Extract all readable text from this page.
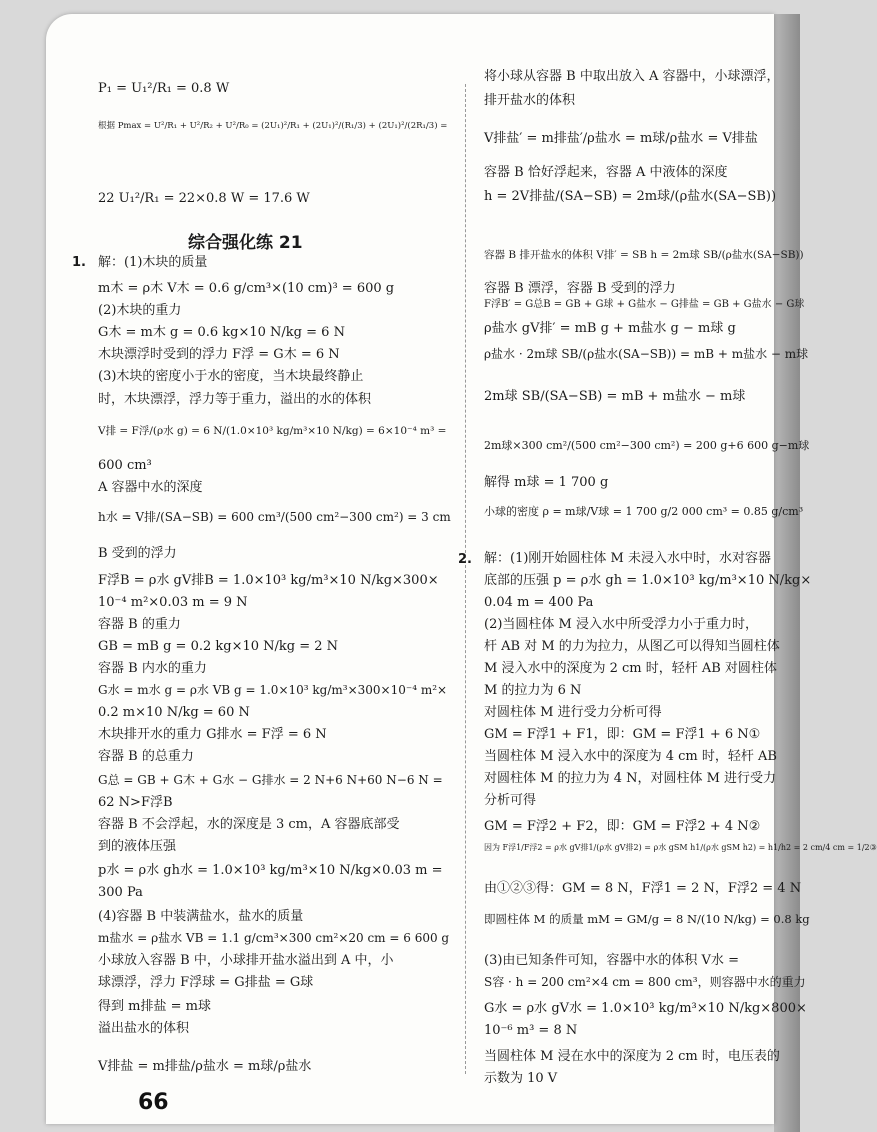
综合强化练 21
P₁ = U₁²/R₁ = 0.8 W
根据 Pmax = U²/R₁ + U²/R₂ + U²/R₀ = (2U₁)²/R₁ + (2U₁)²/(R₁/3) + (2U₁)²/(2R₁/3) =
22 U₁²/R₁ = 22×0.8 W = 17.6 W
解：(1)木块的质量
m木 = ρ木 V木 = 0.6 g/cm³×(10 cm)³ = 600 g
(2)木块的重力
G木 = m木 g = 0.6 kg×10 N/kg = 6 N
木块漂浮时受到的浮力 F浮 = G木 = 6 N
(3)木块的密度小于水的密度，当木块最终静止
时，木块漂浮，浮力等于重力，溢出的水的体积
V排 = F浮/(ρ水 g) = 6 N/(1.0×10³ kg/m³×10 N/kg) = 6×10⁻⁴ m³ =
600 cm³
A 容器中水的深度
h水 = V排/(SA−SB) = 600 cm³/(500 cm²−300 cm²) = 3 cm
B 受到的浮力
F浮B = ρ水 gV排B = 1.0×10³ kg/m³×10 N/kg×300×
10⁻⁴ m²×0.03 m = 9 N
容器 B 的重力
GB = mB g = 0.2 kg×10 N/kg = 2 N
容器 B 内水的重力
G水 = m水 g = ρ水 VB g = 1.0×10³ kg/m³×300×10⁻⁴ m²×
0.2 m×10 N/kg = 60 N
木块排开水的重力 G排水 = F浮 = 6 N
容器 B 的总重力
G总 = GB + G木 + G水 − G排水 = 2 N+6 N+60 N−6 N =
62 N>F浮B
容器 B 不会浮起，水的深度是 3 cm，A 容器底部受
到的液体压强
p水 = ρ水 gh水 = 1.0×10³ kg/m³×10 N/kg×0.03 m =
300 Pa
(4)容器 B 中装满盐水，盐水的质量
m盐水 = ρ盐水 VB = 1.1 g/cm³×300 cm²×20 cm = 6 600 g
小球放入容器 B 中，小球排开盐水溢出到 A 中，小
球漂浮，浮力 F浮球 = G排盐 = G球
得到 m排盐 = m球
溢出盐水的体积
V排盐 = m排盐/ρ盐水 = m球/ρ盐水
将小球从容器 B 中取出放入 A 容器中，小球漂浮，
排开盐水的体积
V排盐′ = m排盐′/ρ盐水 = m球/ρ盐水 = V排盐
容器 B 恰好浮起来，容器 A 中液体的深度
h = 2V排盐/(SA−SB) = 2m球/(ρ盐水(SA−SB))
容器 B 排开盐水的体积 V排′ = SB h = 2m球 SB/(ρ盐水(SA−SB))
容器 B 漂浮，容器 B 受到的浮力
F浮B′ = G总B = GB + G球 + G盐水 − G排盐 = GB + G盐水 − G球
ρ盐水 gV排′ = mB g + m盐水 g − m球 g
ρ盐水 · 2m球 SB/(ρ盐水(SA−SB)) = mB + m盐水 − m球
2m球 SB/(SA−SB) = mB + m盐水 − m球
2m球×300 cm²/(500 cm²−300 cm²) = 200 g+6 600 g−m球
解得 m球 = 1 700 g
小球的密度 ρ = m球/V球 = 1 700 g/2 000 cm³ = 0.85 g/cm³
解：(1)刚开始圆柱体 M 未浸入水中时，水对容器
底部的压强 p = ρ水 gh = 1.0×10³ kg/m³×10 N/kg×
0.04 m = 400 Pa
(2)当圆柱体 M 浸入水中所受浮力小于重力时，
杆 AB 对 M 的力为拉力，从图乙可以得知当圆柱体
M 浸入水中的深度为 2 cm 时，轻杆 AB 对圆柱体
M 的拉力为 6 N
对圆柱体 M 进行受力分析可得
GM = F浮1 + F1，即：GM = F浮1 + 6 N①
当圆柱体 M 浸入水中的深度为 4 cm 时，轻杆 AB
对圆柱体 M 的拉力为 4 N，对圆柱体 M 进行受力
分析可得
GM = F浮2 + F2，即：GM = F浮2 + 4 N②
因为 F浮1/F浮2 = ρ水 gV排1/(ρ水 gV排2) = ρ水 gSM h1/(ρ水 gSM h2) = h1/h2 = 2 cm/4 cm = 1/2③
由①②③得：GM = 8 N，F浮1 = 2 N，F浮2 = 4 N
即圆柱体 M 的质量 mM = GM/g = 8 N/(10 N/kg) = 0.8 kg
(3)由已知条件可知，容器中水的体积 V水 =
S容 · h = 200 cm²×4 cm = 800 cm³，则容器中水的重力
G水 = ρ水 gV水 = 1.0×10³ kg/m³×10 N/kg×800×
10⁻⁶ m³ = 8 N
当圆柱体 M 浸在水中的深度为 2 cm 时，电压表的
示数为 10 V
1.
2.
66
